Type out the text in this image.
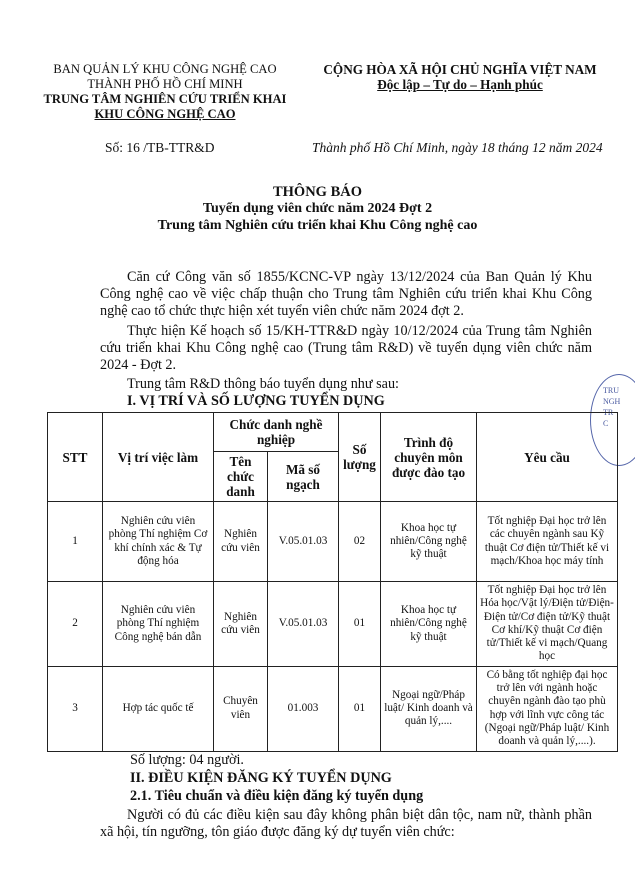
BAN QUẢN LÝ KHU CÔNG NGHỆ CAO
THÀNH PHỐ HỒ CHÍ MINH
TRUNG TÂM NGHIÊN CỨU TRIỂN KHAI
KHU CÔNG NGHỆ CAO
CỘNG HÒA XÃ HỘI CHỦ NGHĨA VIỆT NAM
Độc lập – Tự do – Hạnh phúc
Số: 16 /TB-TTR&D	Thành phố Hồ Chí Minh, ngày 18 tháng 12 năm 2024
THÔNG BÁO
Tuyển dụng viên chức năm 2024 Đợt 2
Trung tâm Nghiên cứu triển khai Khu Công nghệ cao

Căn cứ Công văn số 1855/KCNC-VP ngày 13/12/2024 của Ban Quản lý Khu Công nghệ cao về việc chấp thuận cho Trung tâm Nghiên cứu triển khai Khu Công nghệ cao tổ chức thực hiện xét tuyển viên chức năm 2024 đợt 2.

Thực hiện Kế hoạch số 15/KH-TTR&D ngày 10/12/2024 của Trung tâm Nghiên cứu triển khai Khu Công nghệ cao (Trung tâm R&D) về tuyển dụng viên chức năm 2024 - Đợt 2.

Trung tâm R&D thông báo tuyển dụng như sau:
I. VỊ TRÍ VÀ SỐ LƯỢNG TUYỂN DỤNG
TRU
NGH
TR
C
STT	Vị trí việc làm	Chức danh nghề nghiệp		Số lượng	Trình độ chuyên môn được đào tạo	Yêu cầu
		Tên chức danh	Mã số ngạch			
1	Nghiên cứu viên phòng Thí nghiệm Cơ khí chính xác & Tự động hóa	Nghiên cứu viên	V.05.01.03	02	Khoa học tự nhiên/Công nghệ kỹ thuật	Tốt nghiệp Đại học trở lên các chuyên ngành sau Kỹ thuật Cơ điện tử/Thiết kế vi mạch/Khoa học máy tính
2	Nghiên cứu viên phòng Thí nghiệm Công nghệ bán dẫn	Nghiên cứu viên	V.05.01.03	01	Khoa học tự nhiên/Công nghệ kỹ thuật	Tốt nghiệp Đại học trở lên Hóa học/Vật lý/Điện tử/Điện-Điện tử/Cơ điện tử/Kỹ thuật Cơ khí/Kỹ thuật Cơ điện tử/Thiết kế vi mạch/Quang học
3	Hợp tác quốc tế	Chuyên viên	01.003	01	Ngoại ngữ/Pháp luật/ Kinh doanh và quản lý,....	Có bằng tốt nghiệp đại học trở lên với ngành hoặc chuyên ngành đào tạo phù hợp với lĩnh vực công tác (Ngoại ngữ/Pháp luật/ Kinh doanh và quản lý,....).
Số lượng: 04 người.
II. ĐIỀU KIỆN ĐĂNG KÝ TUYỂN DỤNG
2.1. Tiêu chuẩn và điều kiện đăng ký tuyển dụng

Người có đủ các điều kiện sau đây không phân biệt dân tộc, nam nữ, thành phần xã hội, tín ngưỡng, tôn giáo được đăng ký dự tuyển viên chức:
